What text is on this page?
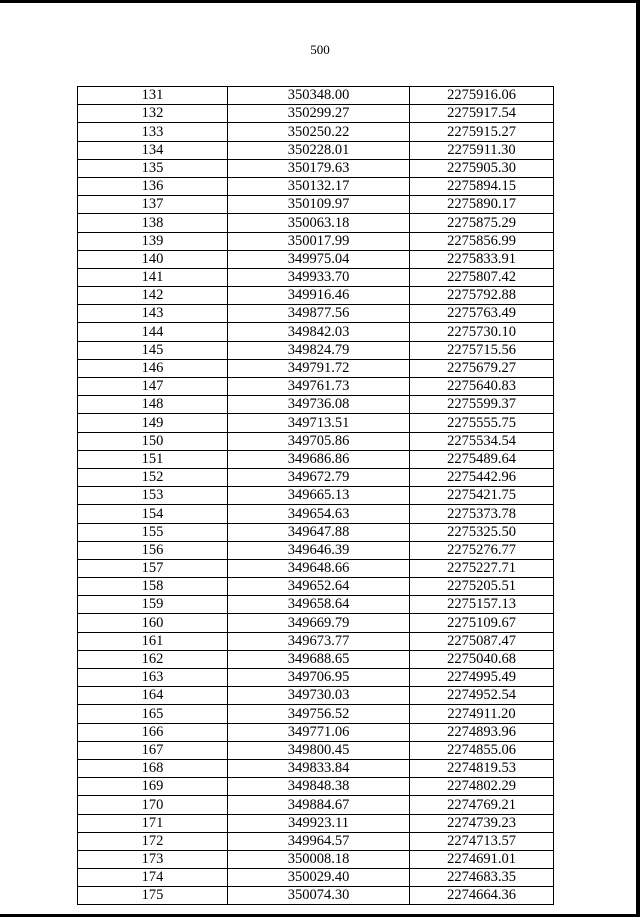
500
131	350348.00	2275916.06
132	350299.27	2275917.54
133	350250.22	2275915.27
134	350228.01	2275911.30
135	350179.63	2275905.30
136	350132.17	2275894.15
137	350109.97	2275890.17
138	350063.18	2275875.29
139	350017.99	2275856.99
140	349975.04	2275833.91
141	349933.70	2275807.42
142	349916.46	2275792.88
143	349877.56	2275763.49
144	349842.03	2275730.10
145	349824.79	2275715.56
146	349791.72	2275679.27
147	349761.73	2275640.83
148	349736.08	2275599.37
149	349713.51	2275555.75
150	349705.86	2275534.54
151	349686.86	2275489.64
152	349672.79	2275442.96
153	349665.13	2275421.75
154	349654.63	2275373.78
155	349647.88	2275325.50
156	349646.39	2275276.77
157	349648.66	2275227.71
158	349652.64	2275205.51
159	349658.64	2275157.13
160	349669.79	2275109.67
161	349673.77	2275087.47
162	349688.65	2275040.68
163	349706.95	2274995.49
164	349730.03	2274952.54
165	349756.52	2274911.20
166	349771.06	2274893.96
167	349800.45	2274855.06
168	349833.84	2274819.53
169	349848.38	2274802.29
170	349884.67	2274769.21
171	349923.11	2274739.23
172	349964.57	2274713.57
173	350008.18	2274691.01
174	350029.40	2274683.35
175	350074.30	2274664.36
